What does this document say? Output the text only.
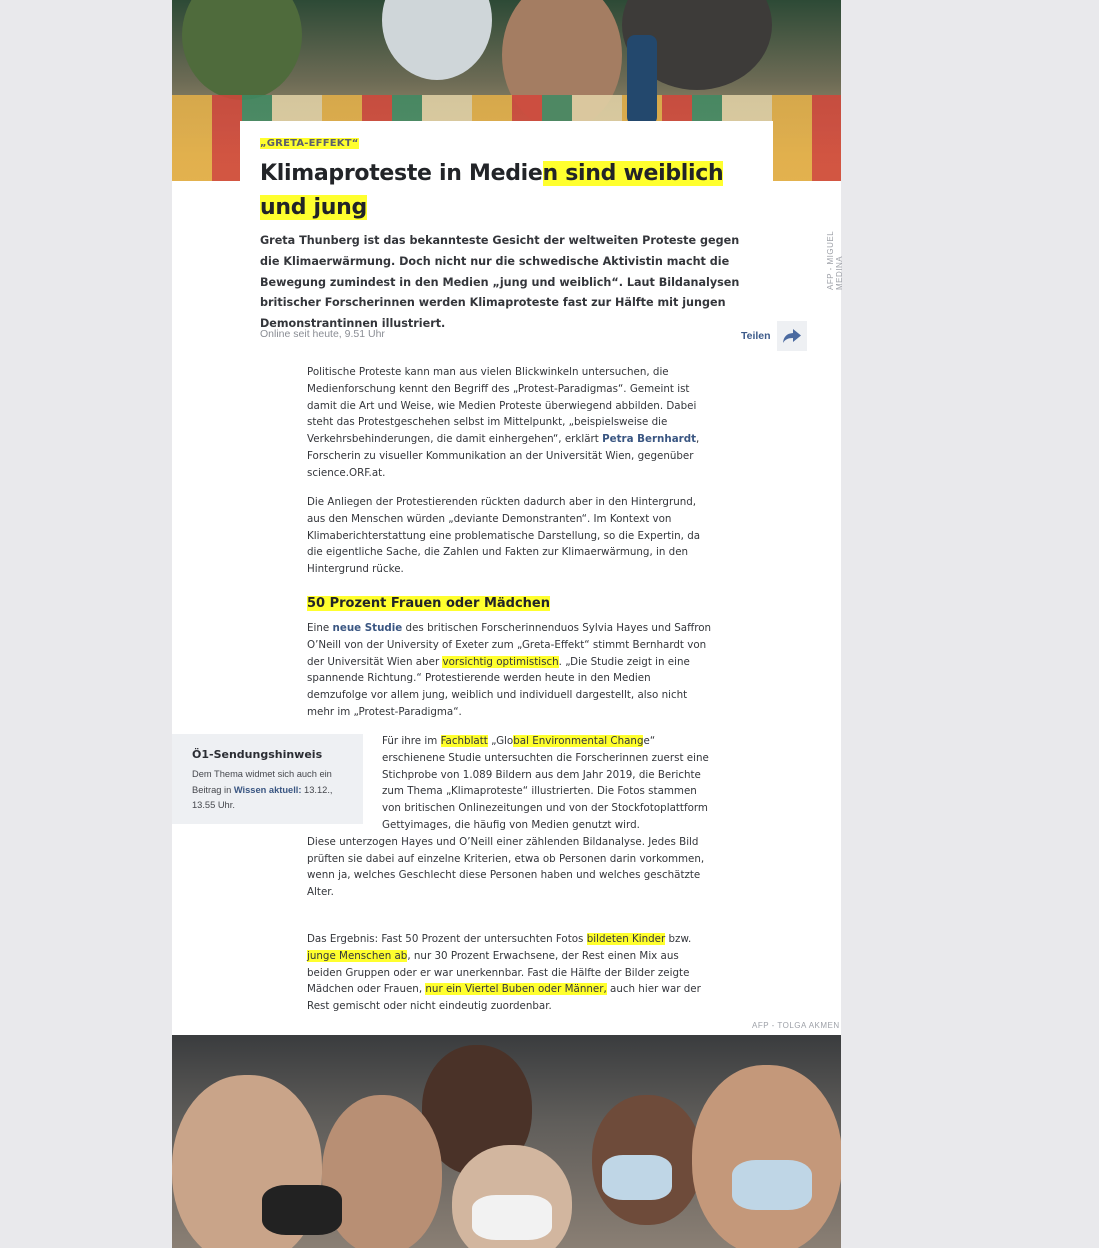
AFP - MIGUEL MEDINA
„GRETA-EFFEKT“
Klimaproteste in Medien sind weiblich und jung

Greta Thunberg ist das bekannteste Gesicht der weltweiten Proteste gegen die Klimaerwärmung. Doch nicht nur die schwedische Aktivistin macht die Bewegung zumindest in den Medien „jung und weiblich“. Laut Bildanalysen britischer Forscherinnen werden Klimaproteste fast zur Hälfte mit jungen Demonstrantinnen illustriert.

Online seit heute, 9.51 Uhr	Teilen

Politische Proteste kann man aus vielen Blickwinkeln untersuchen, die Medienforschung kennt den Begriff des „Protest-Paradigmas“. Gemeint ist damit die Art und Weise, wie Medien Proteste überwiegend abbilden. Dabei steht das Protestgeschehen selbst im Mittelpunkt, „beispielsweise die Verkehrsbehinderungen, die damit einhergehen“, erklärt Petra Bernhardt, Forscherin zu visueller Kommunikation an der Universität Wien, gegenüber science.ORF.at.

Die Anliegen der Protestierenden rückten dadurch aber in den Hintergrund, aus den Menschen würden „deviante Demonstranten“. Im Kontext von Klimaberichterstattung eine problematische Darstellung, so die Expertin, da die eigentliche Sache, die Zahlen und Fakten zur Klimaerwärmung, in den Hintergrund rücke.

50 Prozent Frauen oder Mädchen

Eine neue Studie des britischen Forscherinnenduos Sylvia Hayes und Saffron O’Neill von der University of Exeter zum „Greta-Effekt“ stimmt Bernhardt von der Universität Wien aber vorsichtig optimistisch. „Die Studie zeigt in eine spannende Richtung.“ Protestierende werden heute in den Medien demzufolge vor allem jung, weiblich und individuell dargestellt, also nicht mehr im „Protest-Paradigma“.

Für ihre im Fachblatt „Global Environmental Change“ erschienene Studie untersuchten die Forscherinnen zuerst eine Stichprobe von 1.089 Bildern aus dem Jahr 2019, die Berichte zum Thema „Klimaproteste“ illustrierten. Die Fotos stammen von britischen Onlinezeitungen und von der Stockfotoplattform Gettyimages, die häufig von Medien genutzt wird.

Diese unterzogen Hayes und O’Neill einer zählenden Bildanalyse. Jedes Bild prüften sie dabei auf einzelne Kriterien, etwa ob Personen darin vorkommen, wenn ja, welches Geschlecht diese Personen haben und welches geschätzte Alter.

Das Ergebnis: Fast 50 Prozent der untersuchten Fotos bildeten Kinder bzw. junge Menschen ab, nur 30 Prozent Erwachsene, der Rest einen Mix aus beiden Gruppen oder er war unerkennbar. Fast die Hälfte der Bilder zeigte Mädchen oder Frauen, nur ein Viertel Buben oder Männer, auch hier war der Rest gemischt oder nicht eindeutig zuordenbar.

Ö1-Sendungshinweis

Dem Thema widmet sich auch ein Beitrag in Wissen aktuell: 13.12., 13.55 Uhr.

AFP - TOLGA AKMEN
